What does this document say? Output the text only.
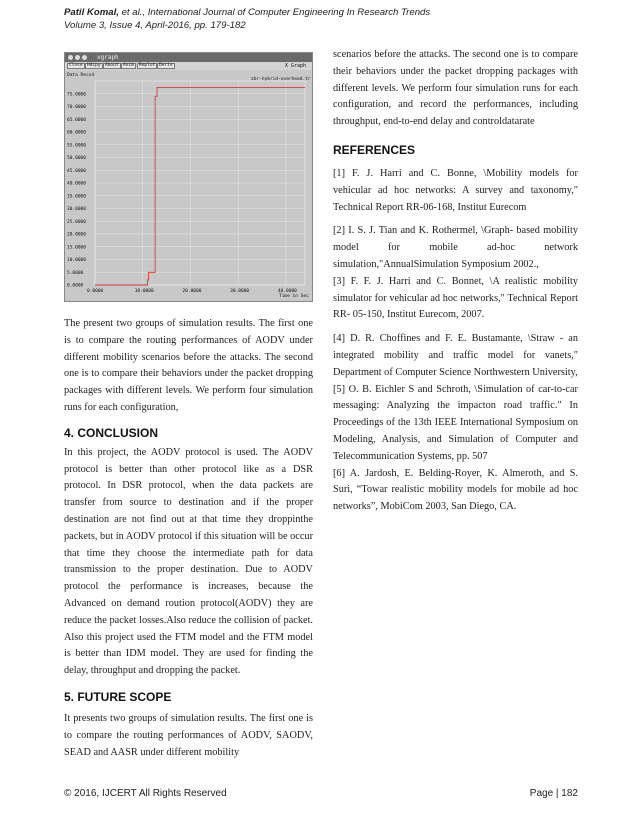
Patil Komal, et al., International Journal of Computer Engineering In Research Trends
Volume 3, Issue 4, April-2016, pp. 179-182
xgraph
Close Hdcpy About Anim	Replot Deriv	X Graph
Data Recvd
zbr-hybrid-overhead.tr
Time in Sec
0.0000
5.0000
10.0000
15.0000
20.0000
25.0000
30.0000
35.0000
40.0000
45.0000
50.0000
55.0000
60.0000
65.0000
70.0000
75.0000
0.0000	10.0000	20.0000	30.0000	40.0000

The present two groups of simulation results. The first one is to compare the routing performances of AODV under different mobility scenarios before the attacks. The second one is to compare their behaviors under the packet dropping packages with different levels. We perform four simulation runs for each configuration,

4. CONCLUSION

In this project, the AODV protocol is used. The AODV protocol is better than other protocol like as a DSR protocol. In DSR protocol, when the data packets are transfer from source to destination and if the proper destination are not find out at that time they droppinthe packets, but in AODV protocol if this situation will be occur that time they choose the intermediate path for data transmission to the proper destination. Due to AODV protocol the performance is increases, because the Advanced on demand roution protocol(AODV) they are reduce the packet losses.Also reduce the collision of packet. Also this project used the FTM model and the FTM model is better than IDM model. They are used for finding the delay, throughput and dropping the packet.

5. FUTURE SCOPE

It presents two groups of simulation results. The first one is to compare the routing performances of AODV, SAODV, SEAD and AASR under different mobility

scenarios before the attacks. The second one is to compare their behaviors under the packet dropping packages with different levels. We perform four simulation runs for each configuration, and record the performances, including throughput, end-to-end delay and controldatarate

REFERENCES

[1] F. J. Harri and C. Bonne, \Mobility models for vehicular ad hoc networks: A survey and taxonomy," Technical Report RR-06-168, Institut Eurecom

[2] I. S. J. Tian and K. Rothermel, \Graph- based mobility model for mobile ad-hoc network simulation,"AnnualSimulation Symposium 2002.,

[3] F. F. J. Harri and C. Bonnet, \A realistic mobility simulator for vehicular ad hoc networks," Technical Report RR- 05-150, Institut Eurecom, 2007.

[4] D. R. Choffines and F. E. Bustamante, \Straw - an integrated mobility and traffic model for vanets," Department of Computer Science Northwestern University,

[5] O. B. Eichler S and Schroth, \Simulation of car-to-car messaging: Analyzing the impacton road traffic." In Proceedings of the 13th IEEE International Symposium on Modeling, Analysis, and Simulation of Computer and Telecommunication Systems, pp. 507

[6] A. Jardosh, E. Belding-Royer, K. Almeroth, and S. Suri, “Towar realistic mobility models for mobile ad hoc networks”, MobiCom 2003, San Diego, CA.

© 2016, IJCERT All Rights Reserved	Page | 182
